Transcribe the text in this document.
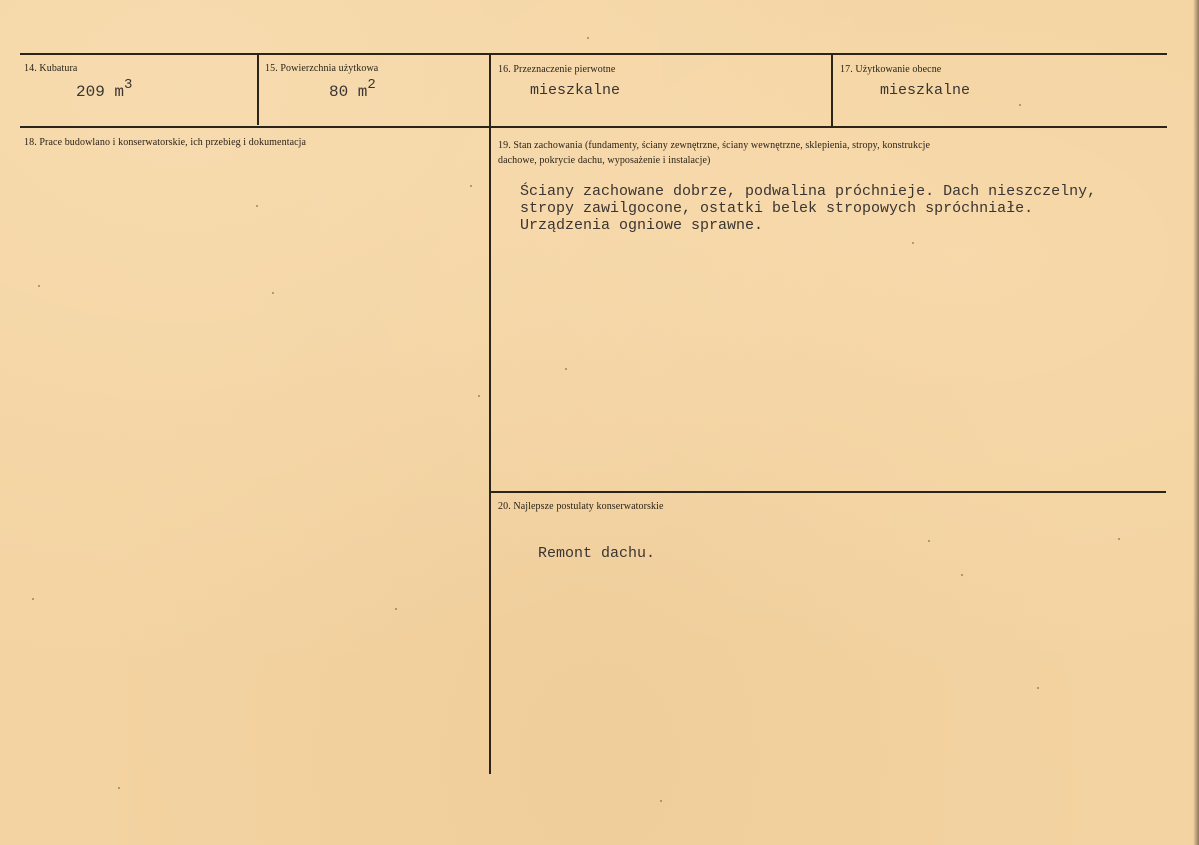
14. Kubatura
209 m3
15. Powierzchnia użytkowa
80 m2
16. Przeznaczenie pierwotne
mieszkalne
17. Użytkowanie obecne
mieszkalne
18. Prace budowlano i konserwatorskie, ich przebieg i dokumentacja	19. Stan zachowania (fundamenty, ściany zewnętrzne, ściany wewnętrzne, sklepienia, stropy, konstrukcje
dachowe, pokrycie dachu, wyposażenie i instalacje)
Ściany zachowane dobrze, podwalina próchnieje. Dach nieszczelny,
stropy zawilgocone, ostatki belek stropowych spróchniałe.
Urządzenia ogniowe sprawne.
20. Najlepsze postulaty konserwatorskie
Remont dachu.
